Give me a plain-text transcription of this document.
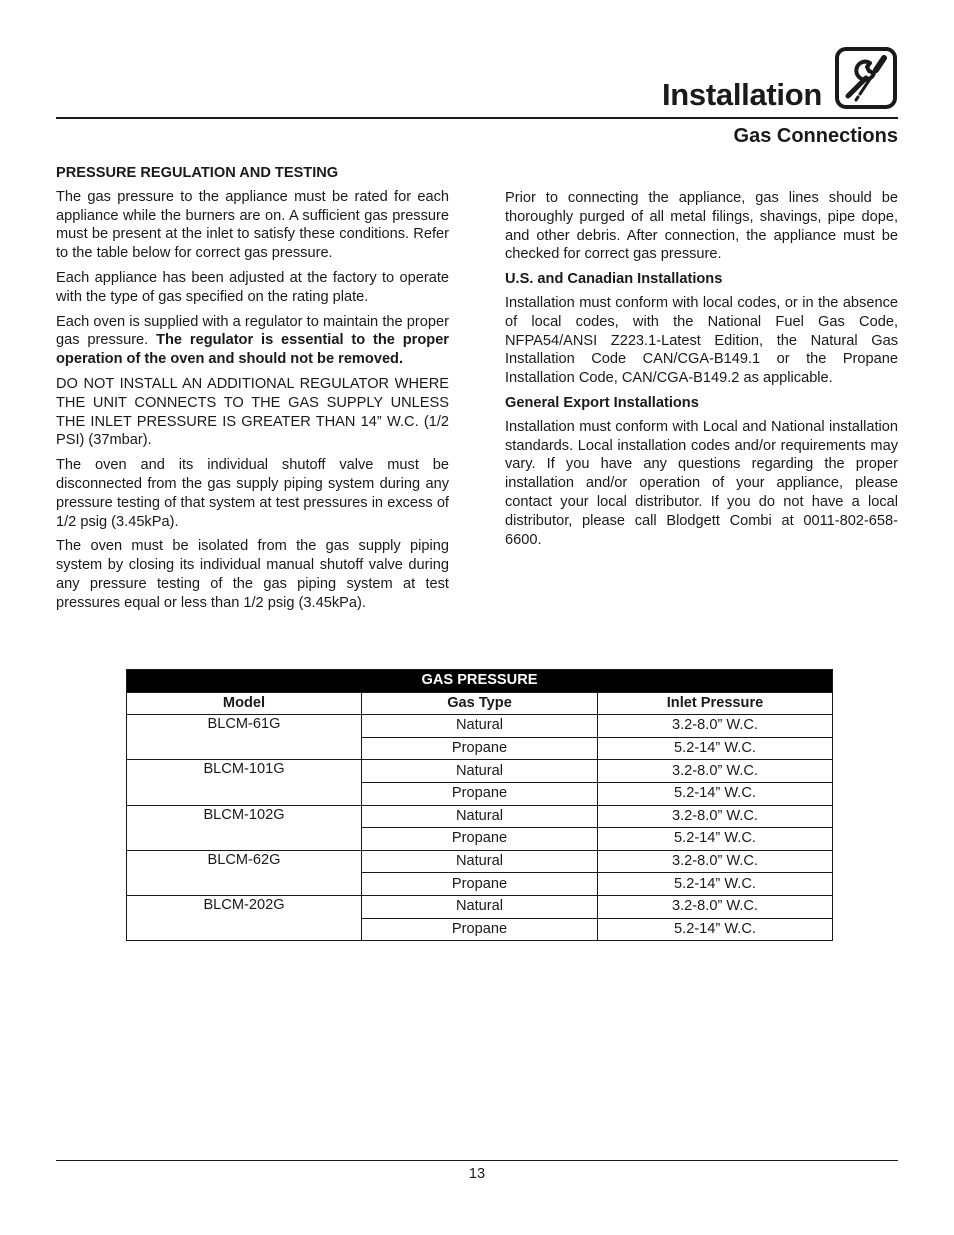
Installation
Gas Connections
PRESSURE REGULATION AND TESTING

The gas pressure to the appliance must be rated for each appliance while the burners are on. A sufficient gas pressure must be present at the inlet to satisfy these conditions. Refer to the table below for correct gas pressure.

Each appliance has been adjusted at the factory to operate with the type of gas specified on the rating plate.

Each oven is supplied with a regulator to maintain the proper gas pressure. The regulator is essential to the proper operation of the oven and should not be removed.

DO NOT INSTALL AN ADDITIONAL REGULATOR WHERE THE UNIT CONNECTS TO THE GAS SUPPLY UNLESS THE INLET PRESSURE IS GREATER THAN 14” W.C. (1/2 PSI) (37mbar).

The oven and its individual shutoff valve must be disconnected from the gas supply piping system during any pressure testing of that system at test pressures in excess of 1/2 psig (3.45kPa).

The oven must be isolated from the gas supply piping system by closing its individual manual shutoff valve during any pressure testing of the gas piping system at test pressures equal or less than 1/2 psig (3.45kPa).

Prior to connecting the appliance, gas lines should be thoroughly purged of all metal filings, shavings, pipe dope, and other debris. After connection, the appliance must be checked for correct gas pressure.

U.S. and Canadian Installations

Installation must conform with local codes, or in the absence of local codes, with the National Fuel Gas Code, NFPA54/ANSI Z223.1-Latest Edition, the Natural Gas Installation Code CAN/CGA-B149.1 or the Propane Installation Code, CAN/CGA-B149.2 as applicable.

General Export Installations

Installation must conform with Local and National installation standards. Local installation codes and/or requirements may vary. If you have any questions regarding the proper installation and/or operation of your appliance, please contact your local distributor. If you do not have a local distributor, please call Blodgett Combi at 0011-802-658-6600.

GAS PRESSURE		
Model	Gas Type	Inlet Pressure
BLCM-61G	Natural	3.2-8.0” W.C.
	Propane	5.2-14” W.C.
BLCM-101G	Natural	3.2-8.0” W.C.
	Propane	5.2-14” W.C.
BLCM-102G	Natural	3.2-8.0” W.C.
	Propane	5.2-14” W.C.
BLCM-62G	Natural	3.2-8.0” W.C.
	Propane	5.2-14” W.C.
BLCM-202G	Natural	3.2-8.0” W.C.
	Propane	5.2-14” W.C.
13
